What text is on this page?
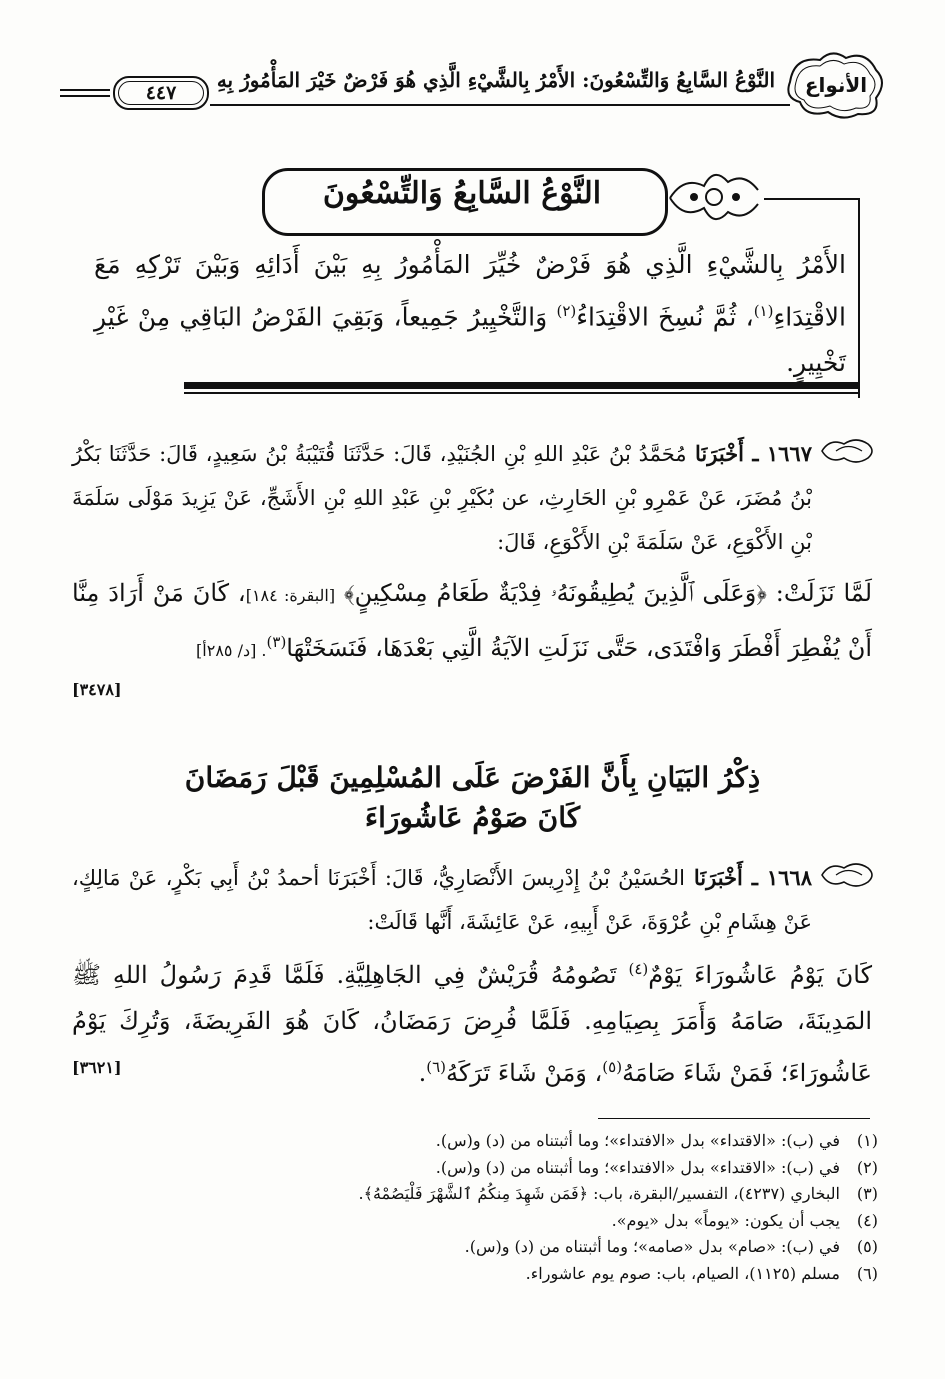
الأنواع
النَّوْعُ السَّابِعُ وَالتِّسْعُونَ: الأَمْرُ بِالشَّيْءِ الَّذِي هُوَ فَرْضٌ خَيْرَ المَأْمُورُ بِهِ
٤٤٧
النَّوْعُ السَّابِعُ وَالتِّسْعُونَ
الأَمْرُ بِالشَّيْءِ الَّذِي هُوَ فَرْضٌ خُيِّرَ المَأْمُورُ بِهِ بَيْنَ أَدَائِهِ وَبَيْنَ تَرْكِهِ مَعَ الاقْتِدَاءِ$^{(١)}$، ثُمَّ نُسِخَ الاقْتِدَاءُ$^{(٢)}$ وَالتَّخْيِيرُ جَمِيعاً، وَبَقِيَ الفَرْضُ البَاقِي مِنْ غَيْرِ تَخْيِيرٍ.
١٦٦٧ ـ أَخْبَرَنَا مُحَمَّدُ بْنُ عَبْدِ اللهِ بْنِ الجُنَيْدِ، قَالَ: حَدَّثَنَا قُتَيْبَةُ بْنُ سَعِيدٍ، قَالَ: حَدَّثَنَا بَكْرُ بْنُ مُضَرَ، عَنْ عَمْرِو بْنِ الحَارِثِ، عن بُكَيْرِ بْنِ عَبْدِ اللهِ بْنِ الأَشَجِّ، عَنْ يَزِيدَ مَوْلَى سَلَمَةَ بْنِ الأَكْوَعِ، عَنْ سَلَمَةَ بْنِ الأَكْوَعِ، قَالَ:
لَمَّا نَزَلَتْ: ﴿وَعَلَى ٱلَّذِينَ يُطِيقُونَهُۥ فِدْيَةٌ طَعَامُ مِسْكِينٍ﴾ [البقرة: ١٨٤]، كَانَ مَنْ أَرَادَ مِنَّا أَنْ يُفْطِرَ أَفْطَرَ وَافْتَدَى، حَتَّى نَزَلَتِ الآيَةُ الَّتِي بَعْدَهَا، فَنَسَخَتْهَا$^{(٣)}$. [د/ ٢٨٥أ]
[٣٤٧٨]
ذِكْرُ البَيَانِ بِأَنَّ الفَرْضَ عَلَى المُسْلِمِينَ قَبْلَ رَمَضَانَ
كَانَ صَوْمُ عَاشُورَاءَ
١٦٦٨ ـ أَخْبَرَنَا الحُسَيْنُ بْنُ إِدْرِيسَ الأَنْصَارِيُّ، قَالَ: أَخْبَرَنَا أحمدُ بْنُ أَبِي بَكْرٍ، عَنْ مَالِكٍ، عَنْ هِشَامِ بْنِ عُرْوَةَ، عَنْ أَبِيهِ، عَنْ عَائِشَةَ، أَنَّها قَالَتْ:
كَانَ يَوْمُ عَاشُورَاءَ يَوْمٌ$^{(٤)}$ تَصُومُهُ قُرَيْشٌ فِي الجَاهِلِيَّةِ. فَلَمَّا قَدِمَ رَسُولُ اللهِ ﷺ المَدِينَةَ، صَامَهُ وَأَمَرَ بِصِيَامِهِ. فَلَمَّا فُرِضَ رَمَضَانُ، كَانَ هُوَ الفَرِيضَةَ، وَتُرِكَ يَوْمُ عَاشُورَاءَ؛ فَمَنْ شَاءَ صَامَهُ$^{(٥)}$، وَمَنْ شَاءَ تَرَكَهُ$^{(٦)}$.
[٣٦٢١]
(١)في (ب): «الاقتداء» بدل «الافتداء»؛ وما أثبتناه من (د) و(س).
(٢)في (ب): «الاقتداء» بدل «الافتداء»؛ وما أثبتناه من (د) و(س).
(٣)البخاري (٤٢٣٧)، التفسير/البقرة، باب: ﴿فَمَن شَهِدَ مِنكُمُ ٱلشَّهْرَ فَلْيَصُمْهُ﴾.
(٤)يجب أن يكون: «يوماً» بدل «يوم».
(٥)في (ب): «صام» بدل «صامه»؛ وما أثبتناه من (د) و(س).
(٦)مسلم (١١٢٥)، الصيام، باب: صوم يوم عاشوراء.
